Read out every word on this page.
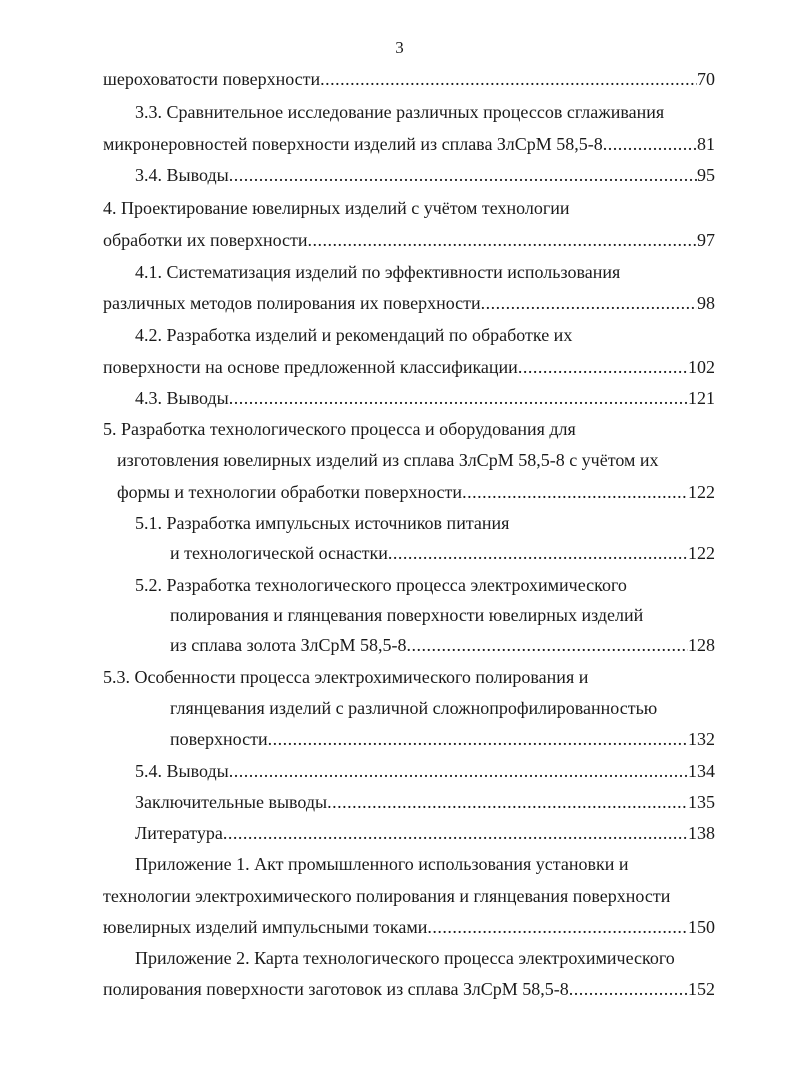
3
шероховатости поверхности .....	70
3.3. Сравнительное исследование различных процессов сглаживания
микронеровностей поверхности изделий из сплава ЗлСрМ 58,5-8 .....	81
3.4. Выводы .....	95
4. Проектирование ювелирных изделий с учётом технологии
обработки их поверхности .....	97
4.1. Систематизация изделий по эффективности использования
различных методов полирования их поверхности .....	98
4.2. Разработка изделий и рекомендаций по обработке их
поверхности на основе предложенной классификации .....	102
4.3. Выводы .....	121
5. Разработка технологического процесса и оборудования для
изготовления ювелирных изделий из сплава ЗлСрМ 58,5-8 с учётом их
формы и технологии обработки поверхности .....	122
5.1. Разработка импульсных источников питания
и технологической оснастки .....	122
5.2. Разработка технологического процесса электрохимического
полирования и глянцевания поверхности ювелирных изделий
из сплава золота ЗлСрМ 58,5-8 .....	128
5.3. Особенности процесса электрохимического полирования и
глянцевания изделий с различной сложнопрофилированностью
поверхности .....	132
5.4. Выводы .....	134
Заключительные выводы .....	135
Литература .....	138
Приложение 1. Акт промышленного использования установки и
технологии электрохимического полирования и глянцевания поверхности
ювелирных изделий импульсными токами .....	150
Приложение 2. Карта технологического процесса электрохимического
полирования поверхности заготовок из сплава ЗлСрМ 58,5-8 .....	152
